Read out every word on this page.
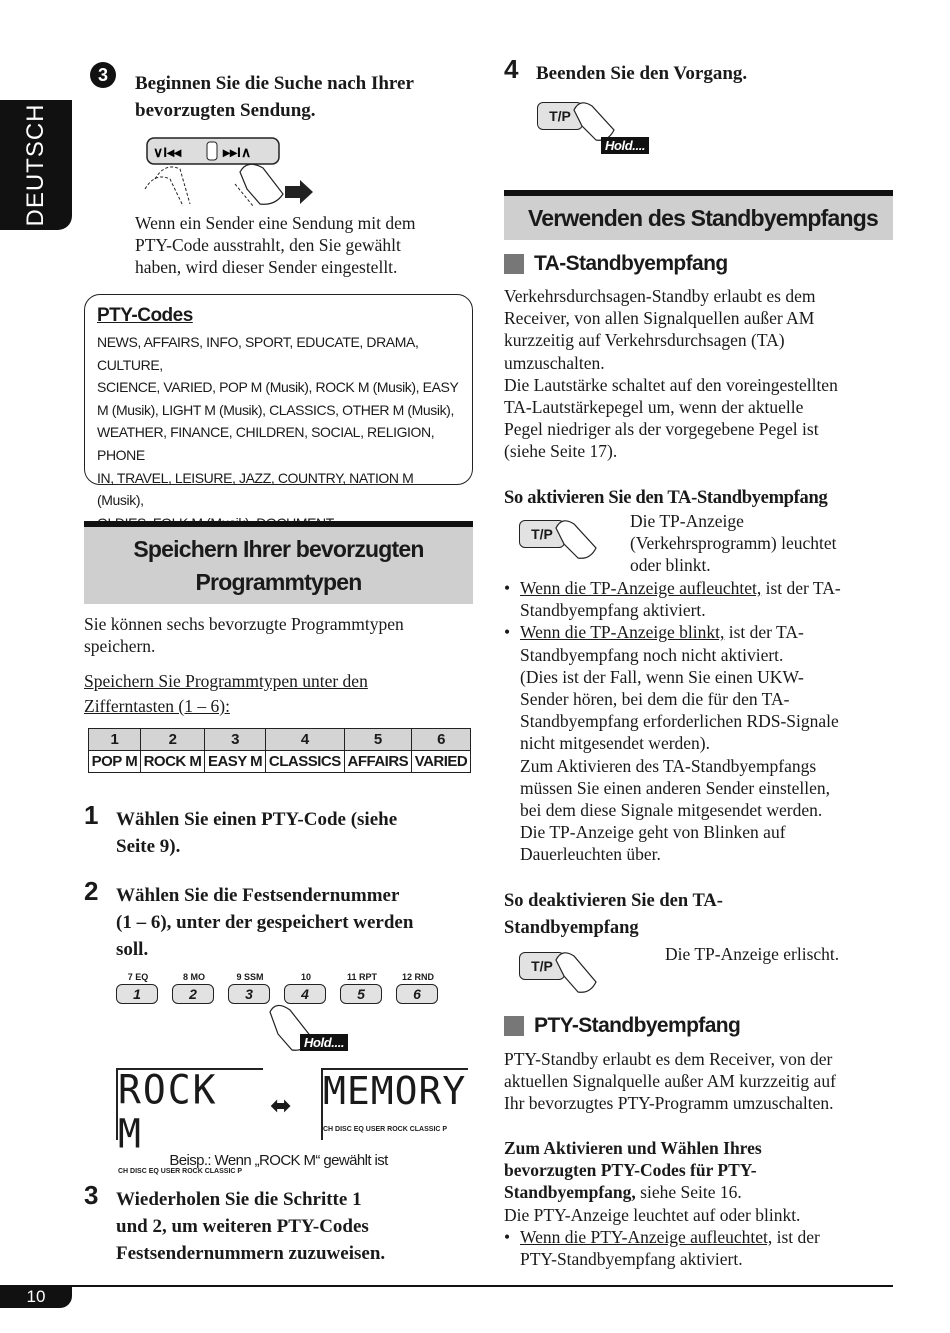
DEUTSCH
3	Beginnen Sie die Suche nach Ihrer
bevorzugten Sendung.
∨I◂◂	▸▸I∧
Wenn ein Sender eine Sendung mit dem
PTY-Code ausstrahlt, den Sie gewählt
haben, wird dieser Sender eingestellt.
PTY-Codes
NEWS, AFFAIRS, INFO, SPORT, EDUCATE, DRAMA, CULTURE,
SCIENCE, VARIED, POP M (Musik), ROCK M (Musik), EASY
M (Musik), LIGHT M (Musik), CLASSICS, OTHER M (Musik),
WEATHER, FINANCE, CHILDREN, SOCIAL, RELIGION, PHONE
IN, TRAVEL, LEISURE, JAZZ, COUNTRY, NATION M (Musik),
Speichern Ihrer bevorzugten
Programmtypen
Sie können sechs bevorzugte Programmtypen
speichern.
Speichern Sie Programmtypen unter den
Zifferntasten (1 – 6):
1	2	3	4	5	6
POP M	ROCK M	EASY M	CLASSICS	AFFAIRS	VARIED
1 Wählen Sie einen PTY-Code (siehe
Seite 9).
2 Wählen Sie die Festsendernummer
(1 – 6), unter der gespeichert werden
soll.
7 EQ	8 MO	9 SSM	10	11 RPT	12 RND
1	2	3	4	5	6
Hold....
ROCK M
CH DISC EQ USER ROCK CLASSIC P
⬌ MEMORY
CH DISC EQ USER ROCK CLASSIC P
Beisp.: Wenn „ROCK M“ gewählt ist
3 Wiederholen Sie die Schritte 1
und 2, um weiteren PTY-Codes
Festsendernummern zuzuweisen.
4 Beenden Sie den Vorgang.
T/P
Hold....
Verwenden des Standbyempfangs
TA-Standbyempfang
Verkehrsdurchsagen-Standby erlaubt es dem
Receiver, von allen Signalquellen außer AM
kurzzeitig auf Verkehrsdurchsagen (TA)
umzuschalten.
Die Lautstärke schaltet auf den voreingestellten
TA-Lautstärkepegel um, wenn der aktuelle
Pegel niedriger als der vorgegebene Pegel ist
(siehe Seite 17).
So aktivieren Sie den TA-Standbyempfang
T/P
Die TP-Anzeige
(Verkehrsprogramm) leuchtet
oder blinkt.
• Wenn die TP-Anzeige aufleuchtet, ist der TA-
Standbyempfang aktiviert.
• Wenn die TP-Anzeige blinkt, ist der TA-
Standbyempfang noch nicht aktiviert.
(Dies ist der Fall, wenn Sie einen UKW-
Sender hören, bei dem die für den TA-
Standbyempfang erforderlichen RDS-Signale
nicht mitgesendet werden).
Zum Aktivieren des TA-Standbyempfangs
müssen Sie einen anderen Sender einstellen,
bei dem diese Signale mitgesendet werden.
Die TP-Anzeige geht von Blinken auf
Dauerleuchten über.
So deaktivieren Sie den TA-
Standbyempfang
T/P
Die TP-Anzeige erlischt.
PTY-Standbyempfang
PTY-Standby erlaubt es dem Receiver, von der
aktuellen Signalquelle außer AM kurzzeitig auf
Ihr bevorzugtes PTY-Programm umzuschalten.
Zum Aktivieren und Wählen Ihres
bevorzugten PTY-Codes für PTY-
Standbyempfang, siehe Seite 16.
Die PTY-Anzeige leuchtet auf oder blinkt.
• Wenn die PTY-Anzeige aufleuchtet, ist der
PTY-Standbyempfang aktiviert.
10
